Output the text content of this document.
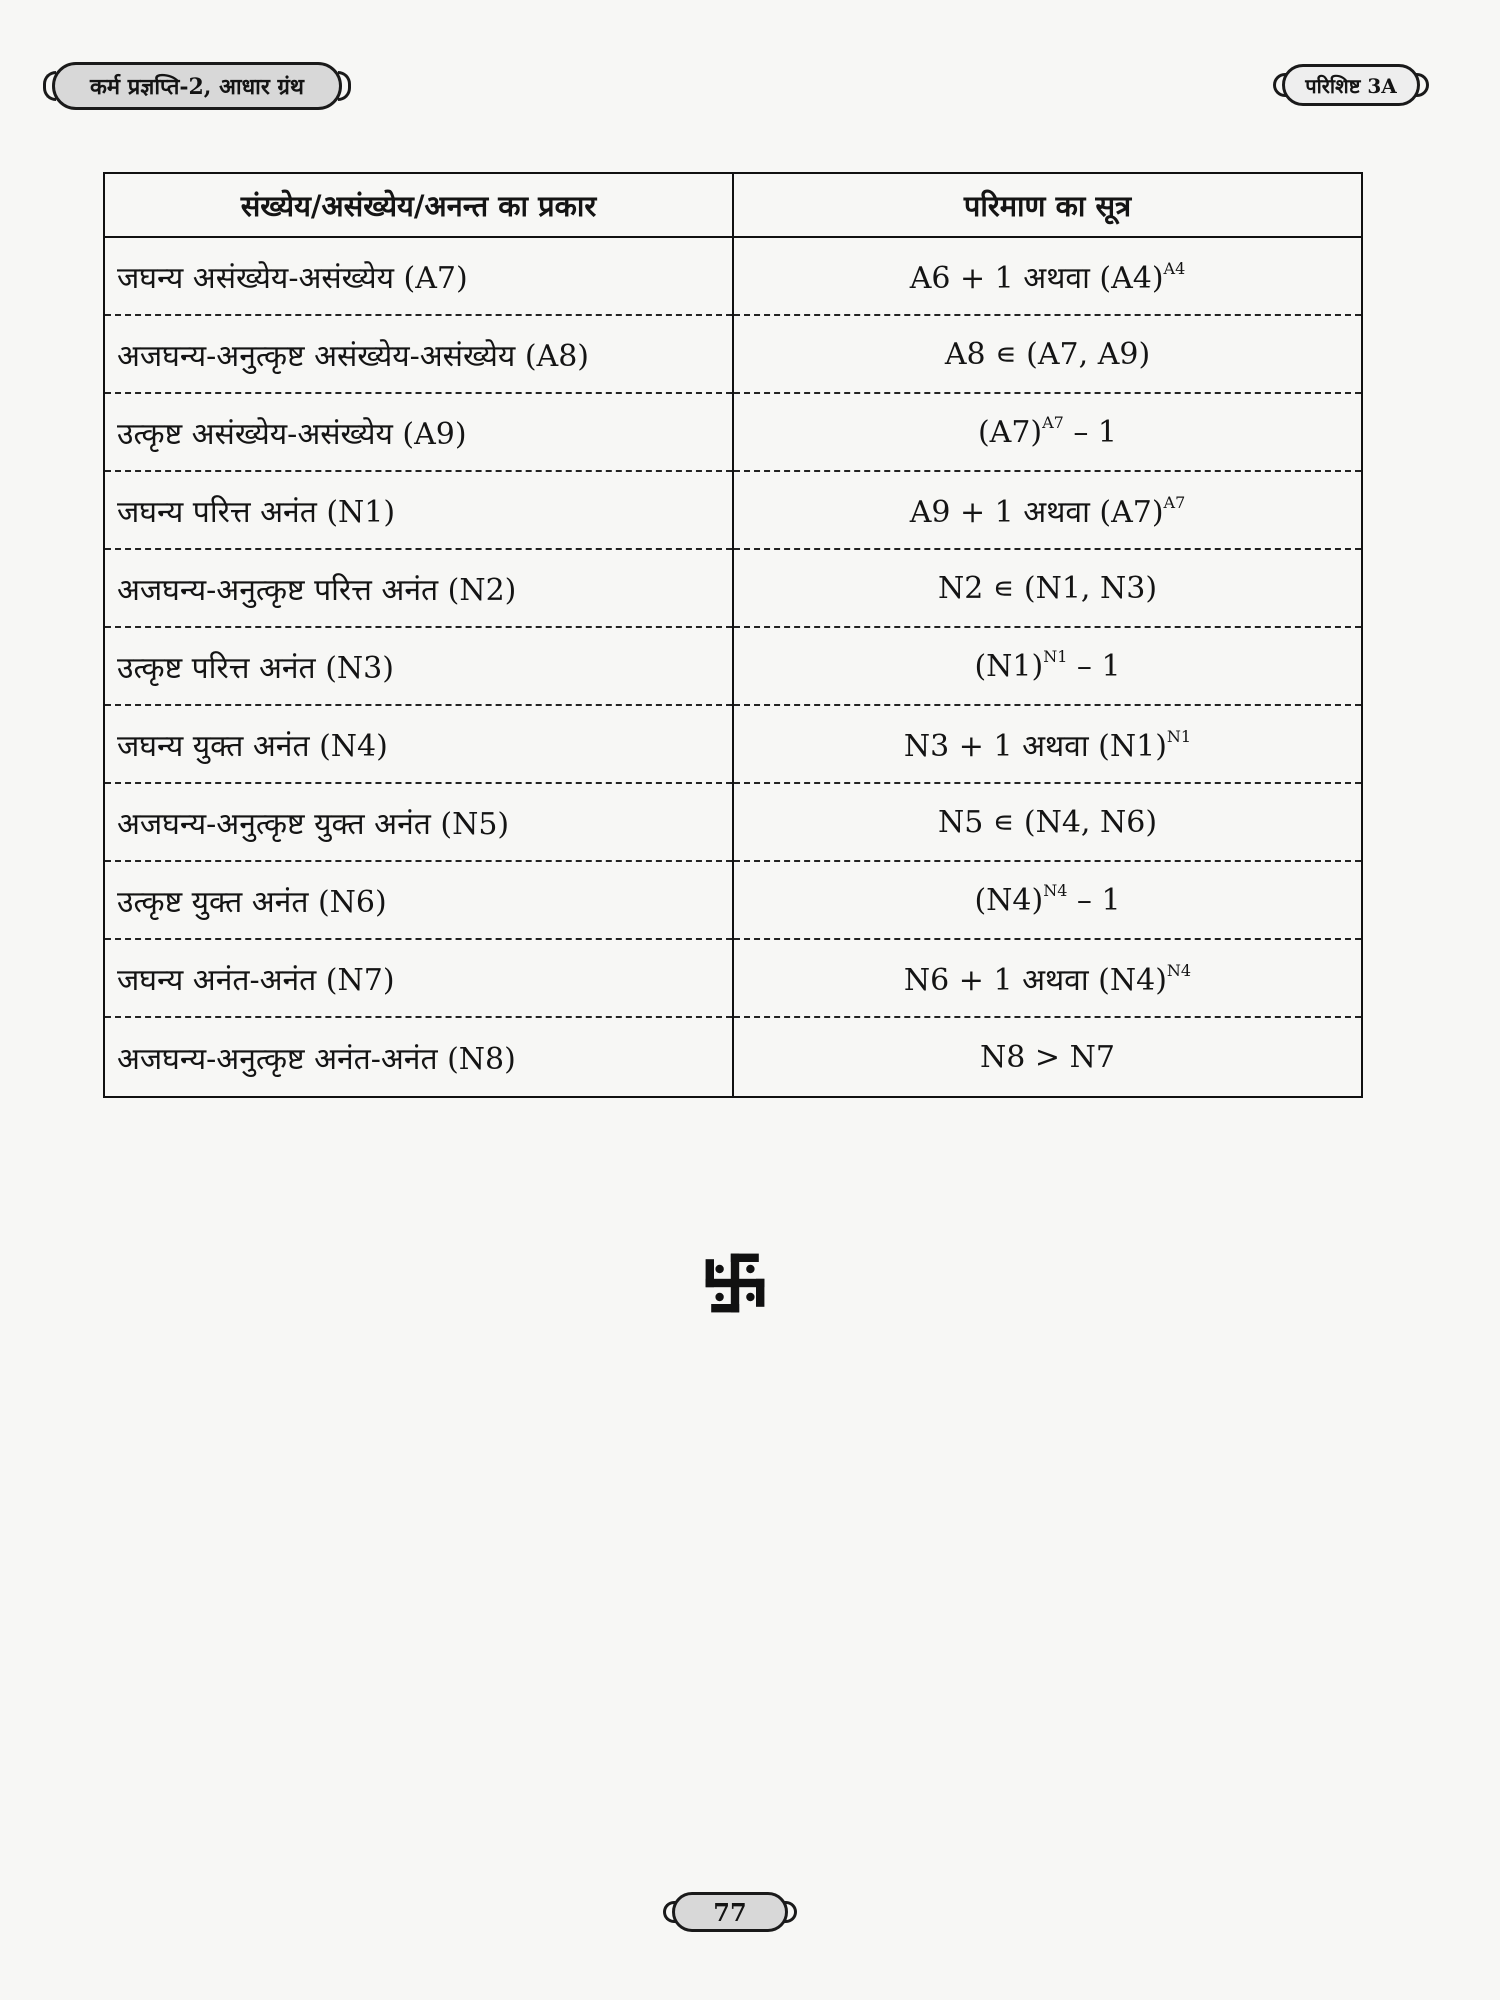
कर्म प्रज्ञप्ति-2, आधार ग्रंथ	परिशिष्ट 3A
संख्येय/असंख्येय/अनन्त का प्रकार	परिमाण का सूत्र
जघन्य असंख्येय-असंख्येय (A7)	A6 + 1 अथवा $(A4)^{A4}$
अजघन्य-अनुत्कृष्ट असंख्येय-असंख्येय (A8)	A8 ∊ (A7, A9)
उत्कृष्ट असंख्येय-असंख्येय (A9)	$(A7)^{A7} - 1$
जघन्य परित्त अनंत (N1)	A9 + 1 अथवा $(A7)^{A7}$
अजघन्य-अनुत्कृष्ट परित्त अनंत (N2)	N2 ∊ (N1, N3)
उत्कृष्ट परित्त अनंत (N3)	$(N1)^{N1} - 1$
जघन्य युक्त अनंत (N4)	N3 + 1 अथवा $(N1)^{N1}$
अजघन्य-अनुत्कृष्ट युक्त अनंत (N5)	N5 ∊ (N4, N6)
उत्कृष्ट युक्त अनंत (N6)	$(N4)^{N4} - 1$
जघन्य अनंत-अनंत (N7)	N6 + 1 अथवा $(N4)^{N4}$
अजघन्य-अनुत्कृष्ट अनंत-अनंत (N8)	N8 > N7
77
